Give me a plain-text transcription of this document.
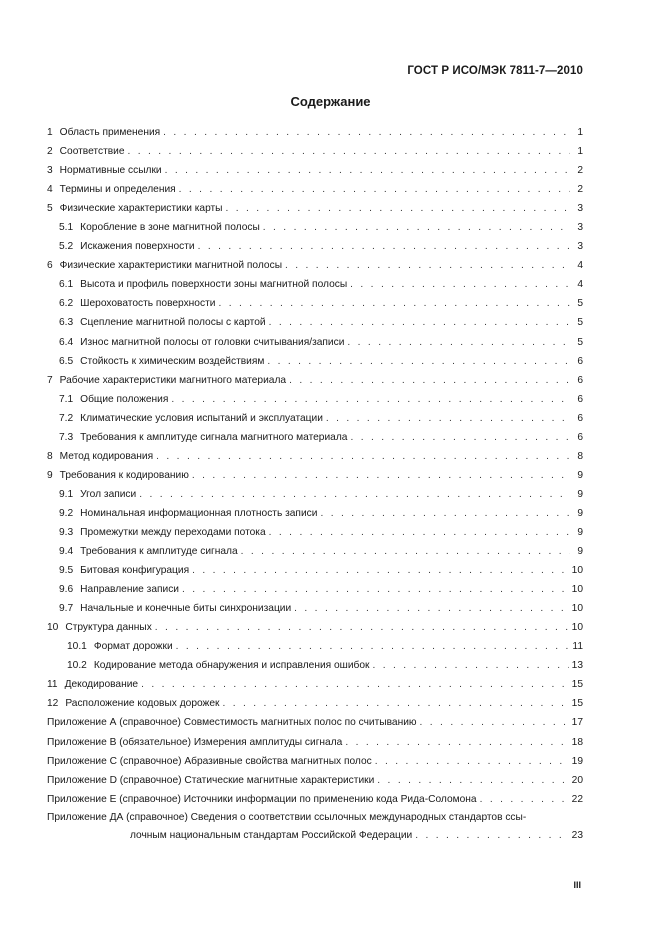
ГОСТ Р ИСО/МЭК 7811-7—2010
Содержание
1 Область применения . . .	1
2 Соответствие . . .	1
3 Нормативные ссылки . . .	2
4 Термины и определения . . .	2
5 Физические характеристики карты . . .	3
5.1 Коробление в зоне магнитной полосы . . .	3
5.2 Искажения поверхности . . .	3
6 Физические характеристики магнитной полосы . . .	4
6.1 Высота и профиль поверхности зоны магнитной полосы . . .	4
6.2 Шероховатость поверхности . . .	5
6.3 Сцепление магнитной полосы с картой . . .	5
6.4 Износ магнитной полосы от головки считывания/записи . . .	5
6.5 Стойкость к химическим воздействиям . . .	6
7 Рабочие характеристики магнитного материала . . .	6
7.1 Общие положения . . .	6
7.2 Климатические условия испытаний и эксплуатации . . .	6
7.3 Требования к амплитуде сигнала магнитного материала . . .	6
8 Метод кодирования . . .	8
9 Требования к кодированию . . .	9
9.1 Угол записи . . .	9
9.2 Номинальная информационная плотность записи . . .	9
9.3 Промежутки между переходами потока . . .	9
9.4 Требования к амплитуде сигнала . . .	9
9.5 Битовая конфигурация . . .	10
9.6 Направление записи . . .	10
9.7 Начальные и конечные биты синхронизации . . .	10
10 Структура данных . . .	10
10.1 Формат дорожки . . .	11
10.2 Кодирование метода обнаружения и исправления ошибок . . .	13
11 Декодирование . . .	15
12 Расположение кодовых дорожек . . .	15
Приложение А (справочное) Совместимость магнитных полос по считыванию . . .	17
Приложение В (обязательное) Измерения амплитуды сигнала . . .	18
Приложение С (справочное) Абразивные свойства магнитных полос . . .	19
Приложение D (справочное) Статические магнитные характеристики . . .	20
Приложение Е (справочное) Источники информации по применению кода Рида-Соломона . . .	22
Приложение ДА (справочное) Сведения о соответствии ссылочных международных стандартов ссы-
лочным национальным стандартам Российской Федерации . . .	23
III
